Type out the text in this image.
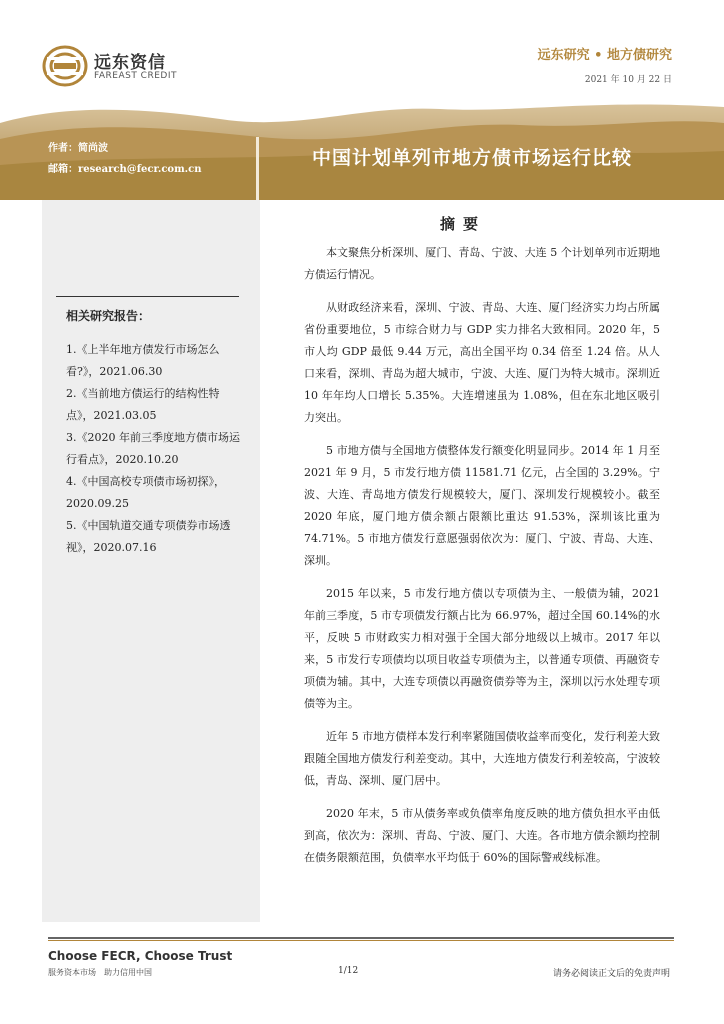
远东资信
FAREAST CREDIT
远东研究 • 地方债研究
2021 年 10 月 22 日
作者：简尚波
邮箱：research@fecr.com.cn
中国计划单列市地方债市场运行比较
相关研究报告：
1.《上半年地方债发行市场怎么看?》，2021.06.30
2.《当前地方债运行的结构性特点》，2021.03.05
3.《2020 年前三季度地方债市场运行看点》，2020.10.20
4.《中国高校专项债市场初探》，2020.09.25
5.《中国轨道交通专项债券市场透视》，2020.07.16
摘要

本文聚焦分析深圳、厦门、青岛、宁波、大连 5 个计划单列市近期地方债运行情况。

从财政经济来看，深圳、宁波、青岛、大连、厦门经济实力均占所属省份重要地位，5 市综合财力与 GDP 实力排名大致相同。2020 年，5 市人均 GDP 最低 9.44 万元，高出全国平均 0.34 倍至 1.24 倍。从人口来看，深圳、青岛为超大城市，宁波、大连、厦门为特大城市。深圳近 10 年年均人口增长 5.35%。大连增速虽为 1.08%，但在东北地区吸引力突出。

5 市地方债与全国地方债整体发行额变化明显同步。2014 年 1 月至 2021 年 9 月，5 市发行地方债 11581.71 亿元，占全国的 3.29%。宁波、大连、青岛地方债发行规模较大，厦门、深圳发行规模较小。截至 2020 年底，厦门地方债余额占限额比重达 91.53%，深圳该比重为 74.71%。5 市地方债发行意愿强弱依次为：厦门、宁波、青岛、大连、深圳。

2015 年以来，5 市发行地方债以专项债为主、一般债为辅，2021 年前三季度，5 市专项债发行额占比为 66.97%，超过全国 60.14%的水平，反映 5 市财政实力相对强于全国大部分地级以上城市。2017 年以来，5 市发行专项债均以项目收益专项债为主，以普通专项债、再融资专项债为辅。其中，大连专项债以再融资债券等为主，深圳以污水处理专项债等为主。

近年 5 市地方债样本发行利率紧随国债收益率而变化，发行利差大致跟随全国地方债发行利差变动。其中，大连地方债发行利差较高，宁波较低，青岛、深圳、厦门居中。

2020 年末，5 市从债务率或负债率角度反映的地方债负担水平由低到高，依次为：深圳、青岛、宁波、厦门、大连。各市地方债余额均控制在债务限额范围，负债率水平均低于 60%的国际警戒线标准。

Choose FECR, Choose Trust
服务资本市场　助力信用中国	1/12	请务必阅读正文后的免责声明
